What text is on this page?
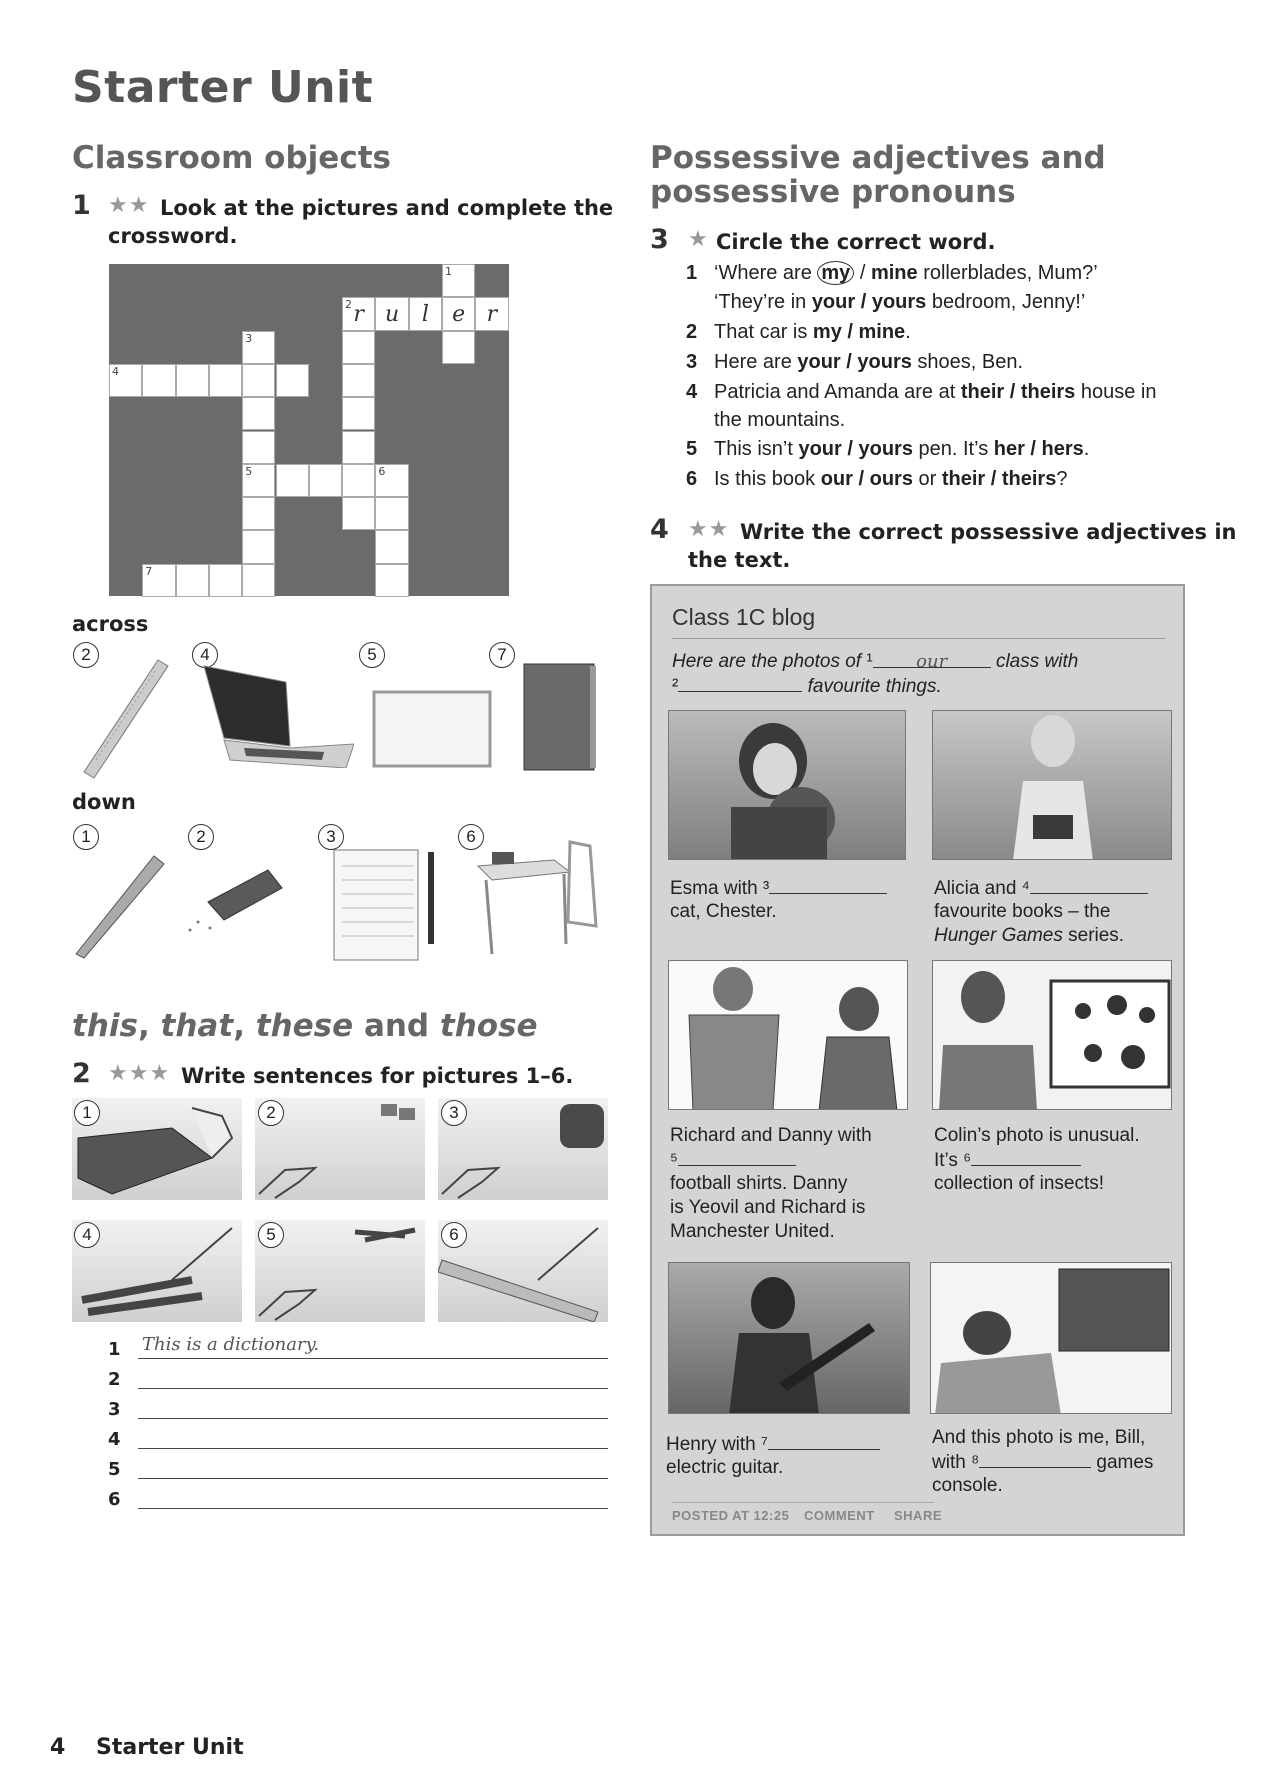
Starter Unit
Classroom objects
1 ★★ Look at the pictures and complete the
crossword.
1
2 r u	l	e r
3
4
5	6
7
across
2	4	5	7
down
1	2	3	6
this, that, these and those
2 ★★★ Write sentences for pictures 1–6.
1	2	3
4	5	6
1 This is a dictionary.
2
3
4
5
6
Possessive adjectives and
possessive pronouns
3 ★ Circle the correct word.
1 ‘Where are my / mine rollerblades, Mum?’
‘They’re in your / yours bedroom, Jenny!’
2 That car is my / mine.
3 Here are your / yours shoes, Ben.
4 Patricia and Amanda are at their / theirs house in
the mountains.
5 This isn’t your / yours pen. It’s her / hers.
6 Is this book our / ours or their / theirs?
4 ★★ Write the correct possessive adjectives in
the text.
Class 1C blog
Here are the photos of ¹ our class with
²	favourite things.
Esma with ³
cat, Chester.
Alicia and ⁴
favourite books – the
Hunger Games series.
Richard and Danny with
⁵
football shirts. Danny
is Yeovil and Richard is
Manchester United.
Colin’s photo is unusual.
It’s ⁶
collection of insects!
Henry with ⁷
electric guitar.
And this photo is me, Bill,
with ⁸	games
console.
POSTED AT 12:25 COMMENT SHARE
4 Starter Unit
